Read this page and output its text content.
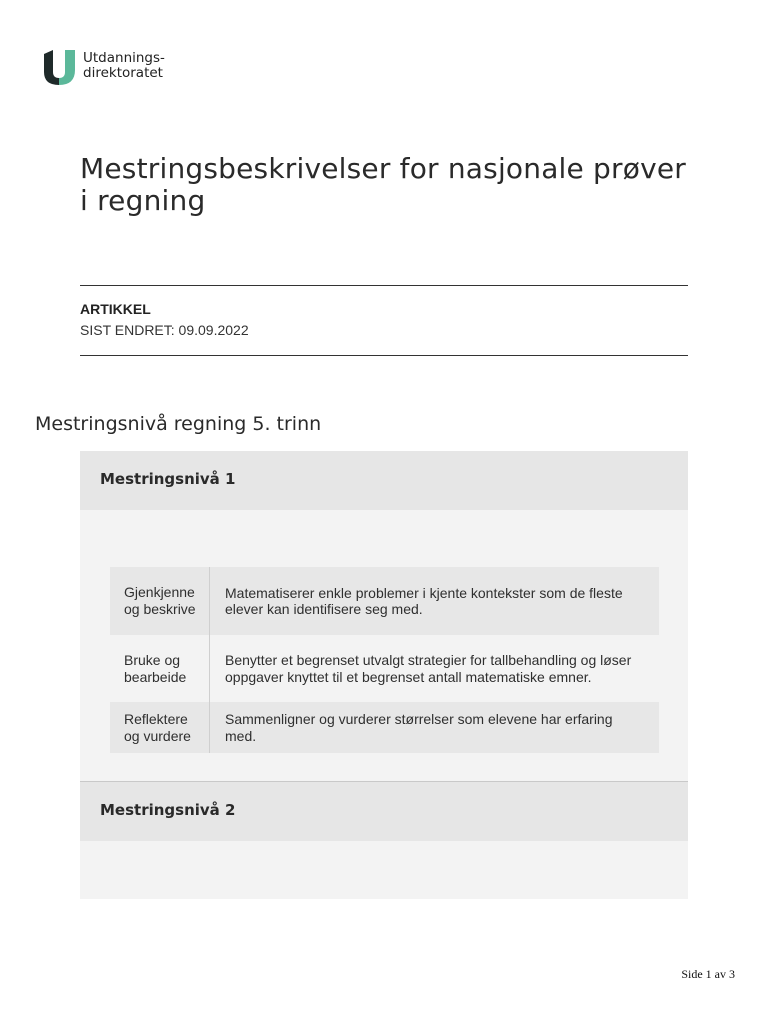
Utdannings-
direktoratet
Mestringsbeskrivelser for nasjonale prøver i regning
ARTIKKEL
SIST ENDRET: 09.09.2022
Mestringsnivå regning 5. trinn
Mestringsnivå 1
Gjenkjenne og beskrive
Matematiserer enkle problemer i kjente kontekster som de fleste elever kan identifisere seg med.
Bruke og bearbeide
Benytter et begrenset utvalgt strategier for tallbehandling og løser oppgaver knyttet til et begrenset antall matematiske emner.
Reflektere og vurdere
Sammenligner og vurderer størrelser som elevene har erfaring med.
Mestringsnivå 2
Side 1 av 3
